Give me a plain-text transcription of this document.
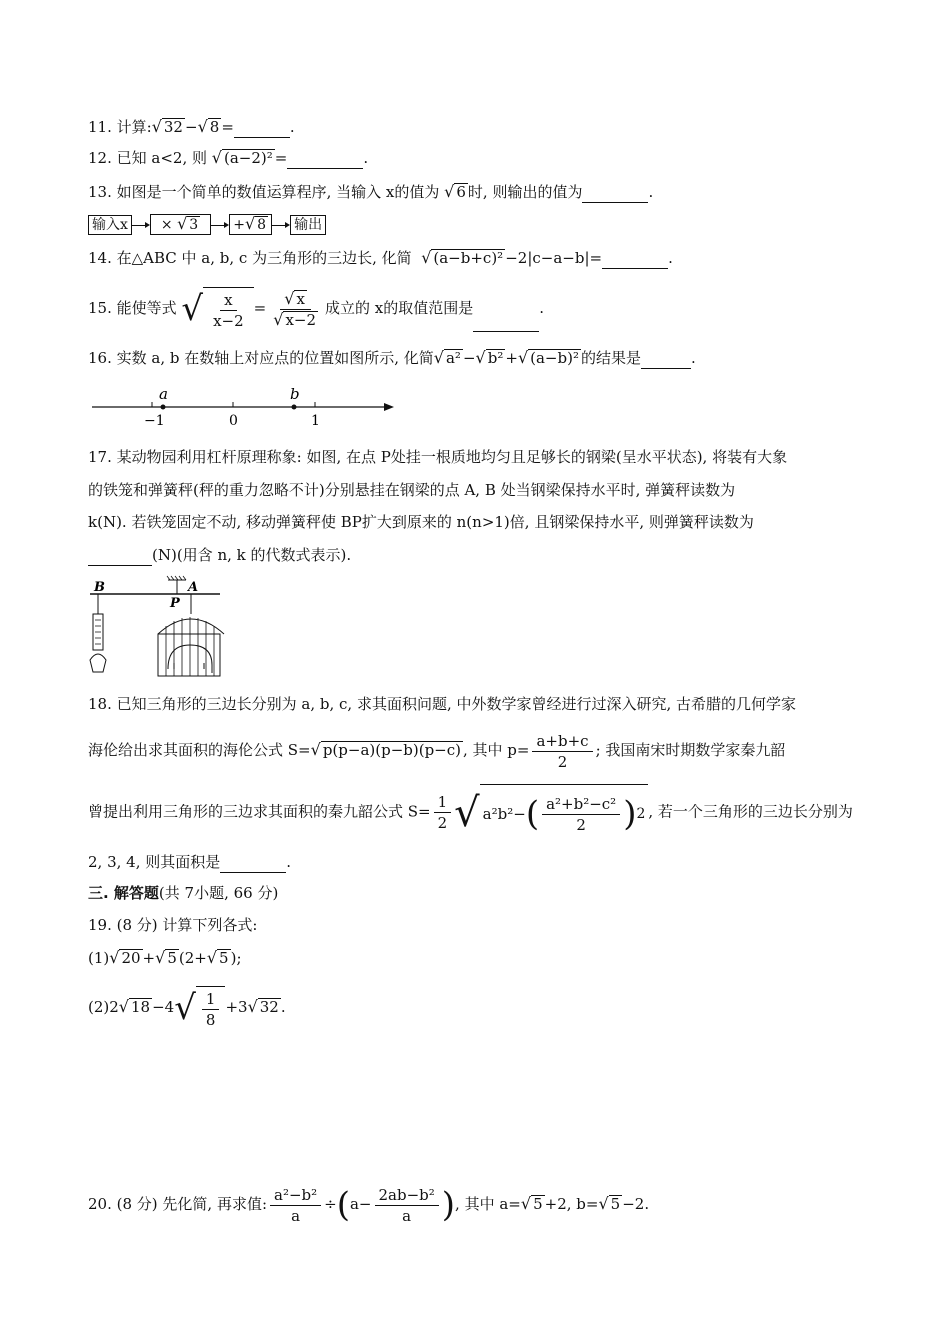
11. 计算:√ 32 −√ 8 =	.
12. 已知 a<2, 则 √ (a−2)² =	.
13. 如图是一个简单的数值运算程序, 当输入 x的值为 √ 6 时, 则输出的值为	.
输入x × √ 3	+√ 8 输出
14. 在△ABC 中 a, b, c 为三角形的三边长, 化简 √ (a−b+c)² −2|c−a−b|=	.
15. 能使等式 √ $\frac{x}{x-2} = \frac{√ x}{√ x-2}$ 成立的 x的取值范围是	.
16. 实数 a, b 在数轴上对应点的位置如图所示, 化简√ a² −√ b² +√ (a−b)² 的结果是	.
a	b
−1	0	1
17. 某动物园利用杠杆原理称象: 如图, 在点 P处挂一根质地均匀且足够长的钢梁(呈水平状态), 将装有大象
的铁笼和弹簧秤(秤的重力忽略不计)分别悬挂在钢梁的点 A, B 处当钢梁保持水平时, 弹簧秤读数为
k(N). 若铁笼固定不动, 移动弹簧秤使 BP扩大到原来的 n(n>1)倍, 且钢梁保持水平, 则弹簧秤读数为
(N)(用含 n, k 的代数式表示).
B	A
P
18. 已知三角形的三边长分别为 a, b, c, 求其面积问题, 中外数学家曾经进行过深入研究, 古希腊的几何学家
海伦给出求其面积的海伦公式 S=√ p(p−a)(p−b)(p−c) , 其中 $p= \frac{a+b+c}{2}$ ; 我国南宋时期数学家秦九韶
曾提出利用三角形的三边求其面积的秦九韶公式 $S= \frac{1}{2}$ √ a²b²− ( $\frac{\text{a²+b²−c²}}{2}$ ) 2 , 若一个三角形的三边长分别为
2, 3, 4, 则其面积是	.
三. 解答题(共 7小题, 66 分)
19. (8 分) 计算下列各式:
(1)√ 20 +√ 5 (2+√ 5 );
(2)2√ 18 −4 √ $\frac{1}{8} +3√$ 32 .
20. (8 分) 先化简, 再求值: $\frac{\text{a²−b²}}{a} \div(a- \frac{\text{2ab−b²}}{a}$ ), 其中 a=√ 5 +2, b=√ 5 −2.
